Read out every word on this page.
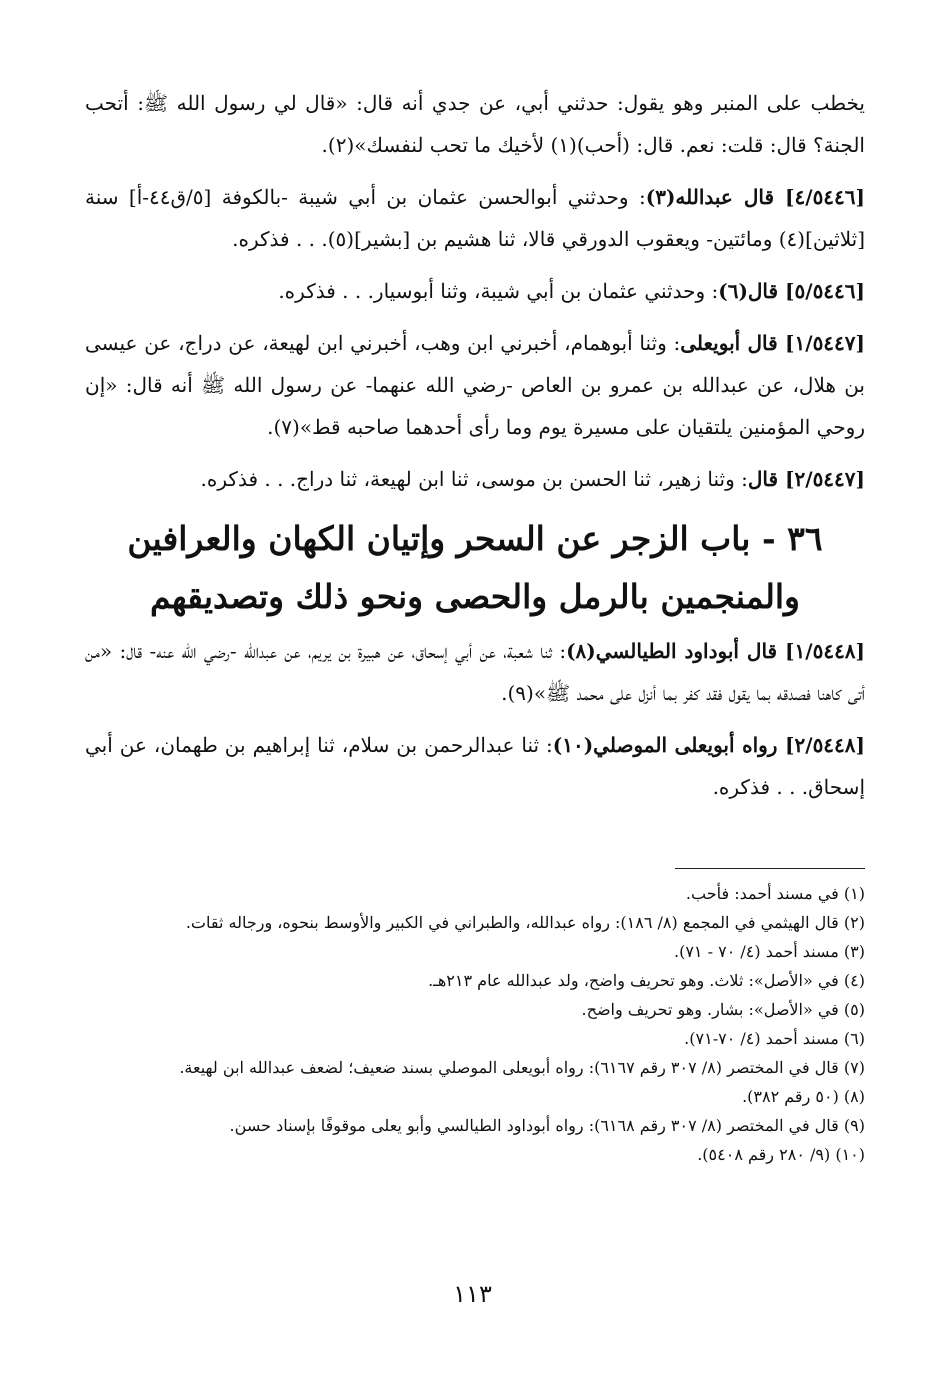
يخطب على المنبر وهو يقول: حدثني أبي، عن جدي أنه قال: «قال لي رسول الله ﷺ: أتحب الجنة؟ قال: قلت: نعم. قال: (أحب)(١) لأخيك ما تحب لنفسك»(٢).

[٤/٥٤٤٦] قال عبدالله(٣): وحدثني أبوالحسن عثمان بن أبي شيبة -بالكوفة [٥/ق٤٤-أ] سنة [ثلاثين](٤) ومائتين- ويعقوب الدورقي قالا، ثنا هشيم بن [بشير](٥). . . فذكره.

[٥/٥٤٤٦] قال(٦): وحدثني عثمان بن أبي شيبة، وثنا أبوسيار. . . فذكره.

[١/٥٤٤٧] قال أبويعلى: وثنا أبوهمام، أخبرني ابن وهب، أخبرني ابن لهيعة، عن دراج، عن عيسى بن هلال، عن عبدالله بن عمرو بن العاص -رضي الله عنهما- عن رسول الله ﷺ أنه قال: «إن روحي المؤمنين يلتقيان على مسيرة يوم وما رأى أحدهما صاحبه قط»(٧).

[٢/٥٤٤٧] قال: وثنا زهير، ثنا الحسن بن موسى، ثنا ابن لهيعة، ثنا دراج. . . فذكره.

٣٦ - باب الزجر عن السحر وإتيان الكهان والعرافين
والمنجمين بالرمل والحصى ونحو ذلك وتصديقهم

[١/٥٤٤٨] قال أبوداود الطيالسي(٨): ثنا شعبة، عن أبي إسحاق، عن هبيرة بن يريم، عن عبدالله -رضي الله عنه- قال: «من أتى كاهنا فصدقه بما يقول فقد كفر بما أنزل على محمد ﷺ»(٩).

[٢/٥٤٤٨] رواه أبويعلى الموصلي(١٠): ثنا عبدالرحمن بن سلام، ثنا إبراهيم بن طهمان، عن أبي إسحاق. . . فذكره.

(١) في مسند أحمد: فأحب.

(٢) قال الهيثمي في المجمع (٨/ ١٨٦): رواه عبدالله، والطبراني في الكبير والأوسط بنحوه، ورجاله ثقات.

(٣) مسند أحمد (٤/ ٧٠ - ٧١).

(٤) في «الأصل»: ثلاث. وهو تحريف واضح، ولد عبدالله عام ٢١٣هـ.

(٥) في «الأصل»: بشار. وهو تحريف واضح.

(٦) مسند أحمد (٤/ ٧٠-٧١).

(٧) قال في المختصر (٨/ ٣٠٧ رقم ٦١٦٧): رواه أبويعلى الموصلي بسند ضعيف؛ لضعف عبدالله ابن لهيعة.

(٨) (٥٠ رقم ٣٨٢).

(٩) قال في المختصر (٨/ ٣٠٧ رقم ٦١٦٨): رواه أبوداود الطيالسي وأبو يعلى موقوفًا بإسناد حسن.

(١٠) (٩/ ٢٨٠ رقم ٥٤٠٨).

١١٣
